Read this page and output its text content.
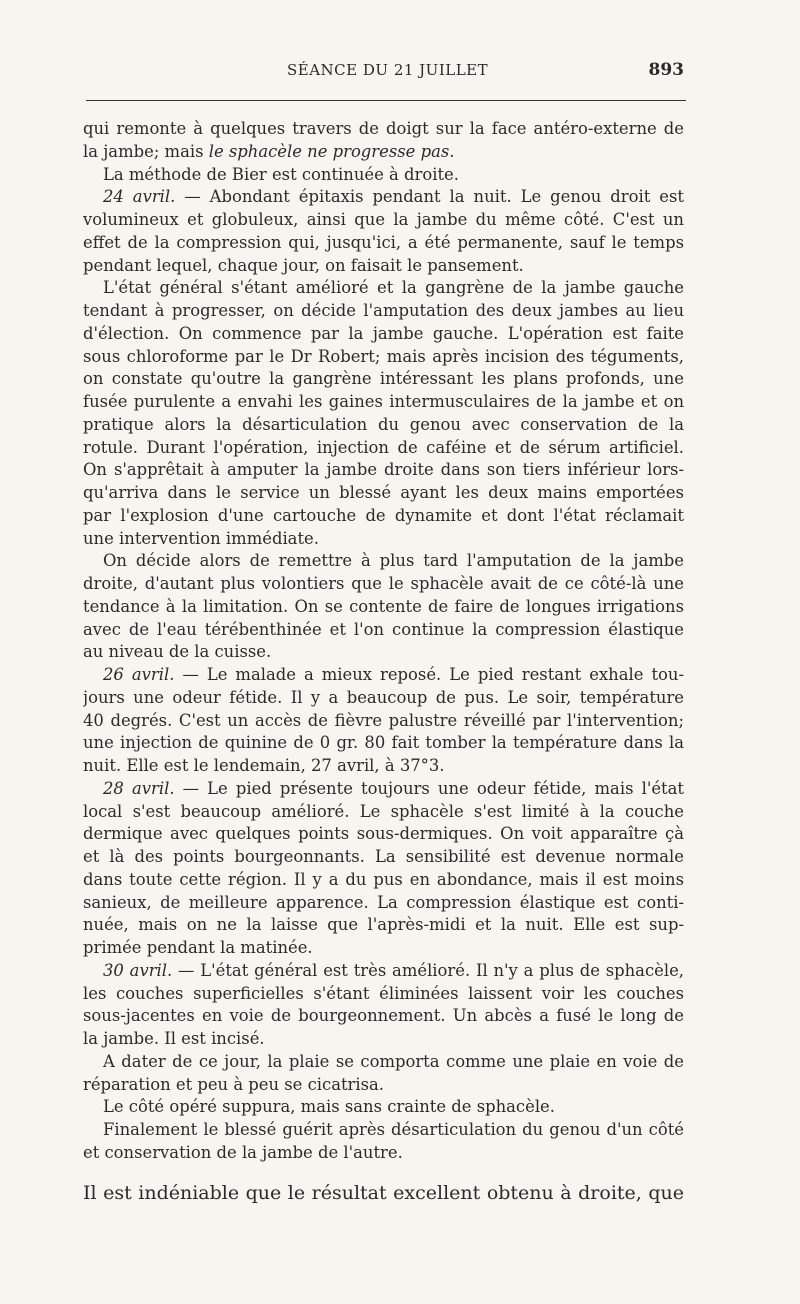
SÉANCE DU 21 JUILLET	893
qui remonte à quelques travers de doigt sur la face antéro-externe de
la jambe; mais le sphacèle ne progresse pas.
La méthode de Bier est continuée à droite.
24 avril. — Abondant épitaxis pendant la nuit. Le genou droit est
volumineux et globuleux, ainsi que la jambe du même côté. C'est un
effet de la compression qui, jusqu'ici, a été permanente, sauf le temps
pendant lequel, chaque jour, on faisait le pansement.
L'état général s'étant amélioré et la gangrène de la jambe gauche
tendant à progresser, on décide l'amputation des deux jambes au lieu
d'élection. On commence par la jambe gauche. L'opération est faite
sous chloroforme par le Dr Robert; mais après incision des téguments,
on constate qu'outre la gangrène intéressant les plans profonds, une
fusée purulente a envahi les gaines intermusculaires de la jambe et on
pratique alors la désarticulation du genou avec conservation de la
rotule. Durant l'opération, injection de caféine et de sérum artificiel.
On s'apprêtait à amputer la jambe droite dans son tiers inférieur lors-
qu'arriva dans le service un blessé ayant les deux mains emportées
par l'explosion d'une cartouche de dynamite et dont l'état réclamait
une intervention immédiate.
On décide alors de remettre à plus tard l'amputation de la jambe
droite, d'autant plus volontiers que le sphacèle avait de ce côté-là une
tendance à la limitation. On se contente de faire de longues irrigations
avec de l'eau térébenthinée et l'on continue la compression élastique
au niveau de la cuisse.
26 avril. — Le malade a mieux reposé. Le pied restant exhale tou-
jours une odeur fétide. Il y a beaucoup de pus. Le soir, température
40 degrés. C'est un accès de fièvre palustre réveillé par l'intervention;
une injection de quinine de 0 gr. 80 fait tomber la température dans la
nuit. Elle est le lendemain, 27 avril, à 37°3.
28 avril. — Le pied présente toujours une odeur fétide, mais l'état
local s'est beaucoup amélioré. Le sphacèle s'est limité à la couche
dermique avec quelques points sous-dermiques. On voit apparaître çà
et là des points bourgeonnants. La sensibilité est devenue normale
dans toute cette région. Il y a du pus en abondance, mais il est moins
sanieux, de meilleure apparence. La compression élastique est conti-
nuée, mais on ne la laisse que l'après-midi et la nuit. Elle est sup-
primée pendant la matinée.
30 avril. — L'état général est très amélioré. Il n'y a plus de sphacèle,
les couches superficielles s'étant éliminées laissent voir les couches
sous-jacentes en voie de bourgeonnement. Un abcès a fusé le long de
la jambe. Il est incisé.
A dater de ce jour, la plaie se comporta comme une plaie en voie de
réparation et peu à peu se cicatrisa.
Le côté opéré suppura, mais sans crainte de sphacèle.
Finalement le blessé guérit après désarticulation du genou d'un côté
et conservation de la jambe de l'autre.
Il est indéniable que le résultat excellent obtenu à droite, que
